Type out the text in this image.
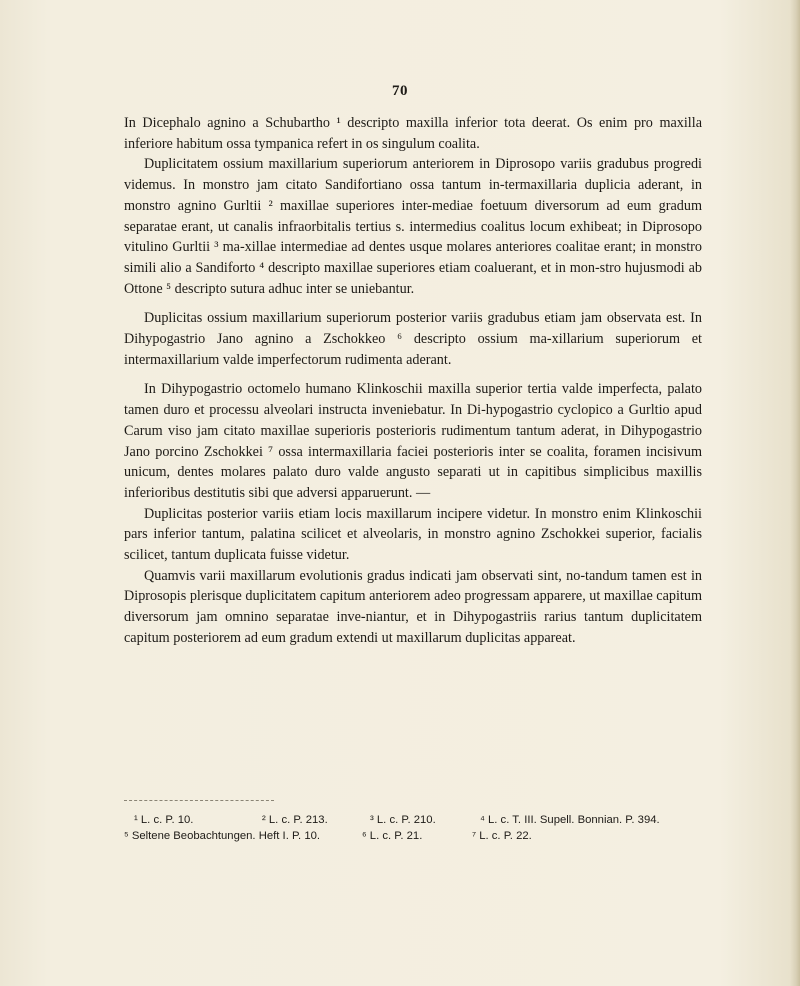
70

In Dicephalo agnino a Schubartho ¹ descripto maxilla inferior tota deerat. Os enim pro maxilla inferiore habitum ossa tympanica refert in os singulum coalita.

Duplicitatem ossium maxillarium superiorum anteriorem in Diprosopo variis gradubus progredi videmus. In monstro jam citato Sandifortiano ossa tantum in-termaxillaria duplicia aderant, in monstro agnino Gurltii ² maxillae superiores inter-mediae foetuum diversorum ad eum gradum separatae erant, ut canalis infraorbitalis tertius s. intermedius coalitus locum exhibeat; in Diprosopo vitulino Gurltii ³ ma-xillae intermediae ad dentes usque molares anteriores coalitae erant; in monstro simili alio a Sandiforto ⁴ descripto maxillae superiores etiam coaluerant, et in mon-stro hujusmodi ab Ottone ⁵ descripto sutura adhuc inter se uniebantur.

Duplicitas ossium maxillarium superiorum posterior variis gradubus etiam jam observata est. In Dihypogastrio Jano agnino a Zschokkeo ⁶ descripto ossium ma-xillarium superiorum et intermaxillarium valde imperfectorum rudimenta aderant.

In Dihypogastrio octomelo humano Klinkoschii maxilla superior tertia valde imperfecta, palato tamen duro et processu alveolari instructa inveniebatur. In Di-hypogastrio cyclopico a Gurltio apud Carum viso jam citato maxillae superioris posterioris rudimentum tantum aderat, in Dihypogastrio Jano porcino Zschokkei ⁷ ossa intermaxillaria faciei posterioris inter se coalita, foramen incisivum unicum, dentes molares palato duro valde angusto separati ut in capitibus simplicibus maxillis inferioribus destitutis sibi que adversi apparuerunt. —

Duplicitas posterior variis etiam locis maxillarum incipere videtur. In monstro enim Klinkoschii pars inferior tantum, palatina scilicet et alveolaris, in monstro agnino Zschokkei superior, facialis scilicet, tantum duplicata fuisse videtur.

Quamvis varii maxillarum evolutionis gradus indicati jam observati sint, no-tandum tamen est in Diprosopis plerisque duplicitatem capitum anteriorem adeo progressam apparere, ut maxillae capitum diversorum jam omnino separatae inve-niantur, et in Dihypogastriis rarius tantum duplicitatem capitum posteriorem ad eum gradum extendi ut maxillarum duplicitas appareat.

¹ L. c. P. 10.	² L. c. P. 213.	³ L. c. P. 210.	⁴ L. c. T. III. Supell. Bonnian. P. 394.
⁵ Seltene Beobachtungen. Heft I. P. 10.	⁶ L. c. P. 21.	⁷ L. c. P. 22.
